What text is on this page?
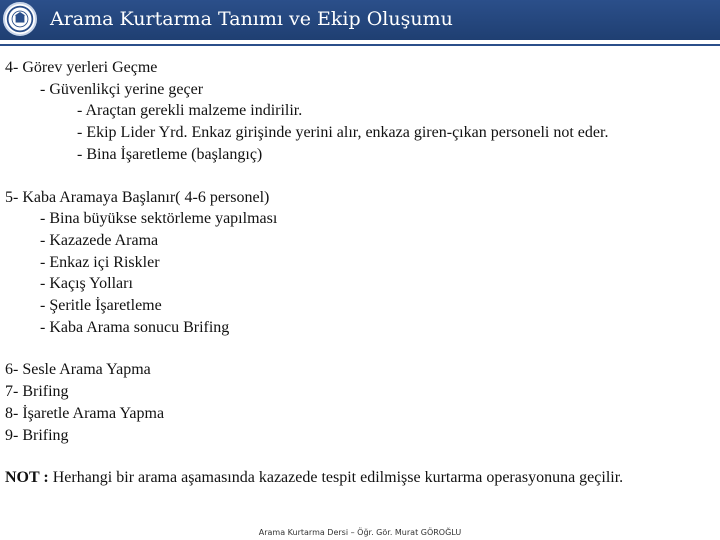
Arama Kurtarma Tanımı ve Ekip Oluşumu
4- Görev yerleri Geçme
- Güvenlikçi yerine geçer
- Araçtan gerekli malzeme indirilir.
- Ekip Lider Yrd. Enkaz girişinde yerini alır, enkaza giren-çıkan personeli not eder.
- Bina İşaretleme (başlangıç)
5- Kaba Aramaya Başlanır( 4-6 personel)
- Bina büyükse sektörleme yapılması
- Kazazede Arama
- Enkaz içi Riskler
- Kaçış Yolları
- Şeritle İşaretleme
- Kaba Arama sonucu Brifing
6- Sesle Arama Yapma
7- Brifing
8- İşaretle Arama Yapma
9- Brifing
NOT : Herhangi bir arama aşamasında kazazede tespit edilmişse kurtarma operasyonuna geçilir.
Arama Kurtarma Dersi – Öğr. Gör. Murat GÖROĞLU
